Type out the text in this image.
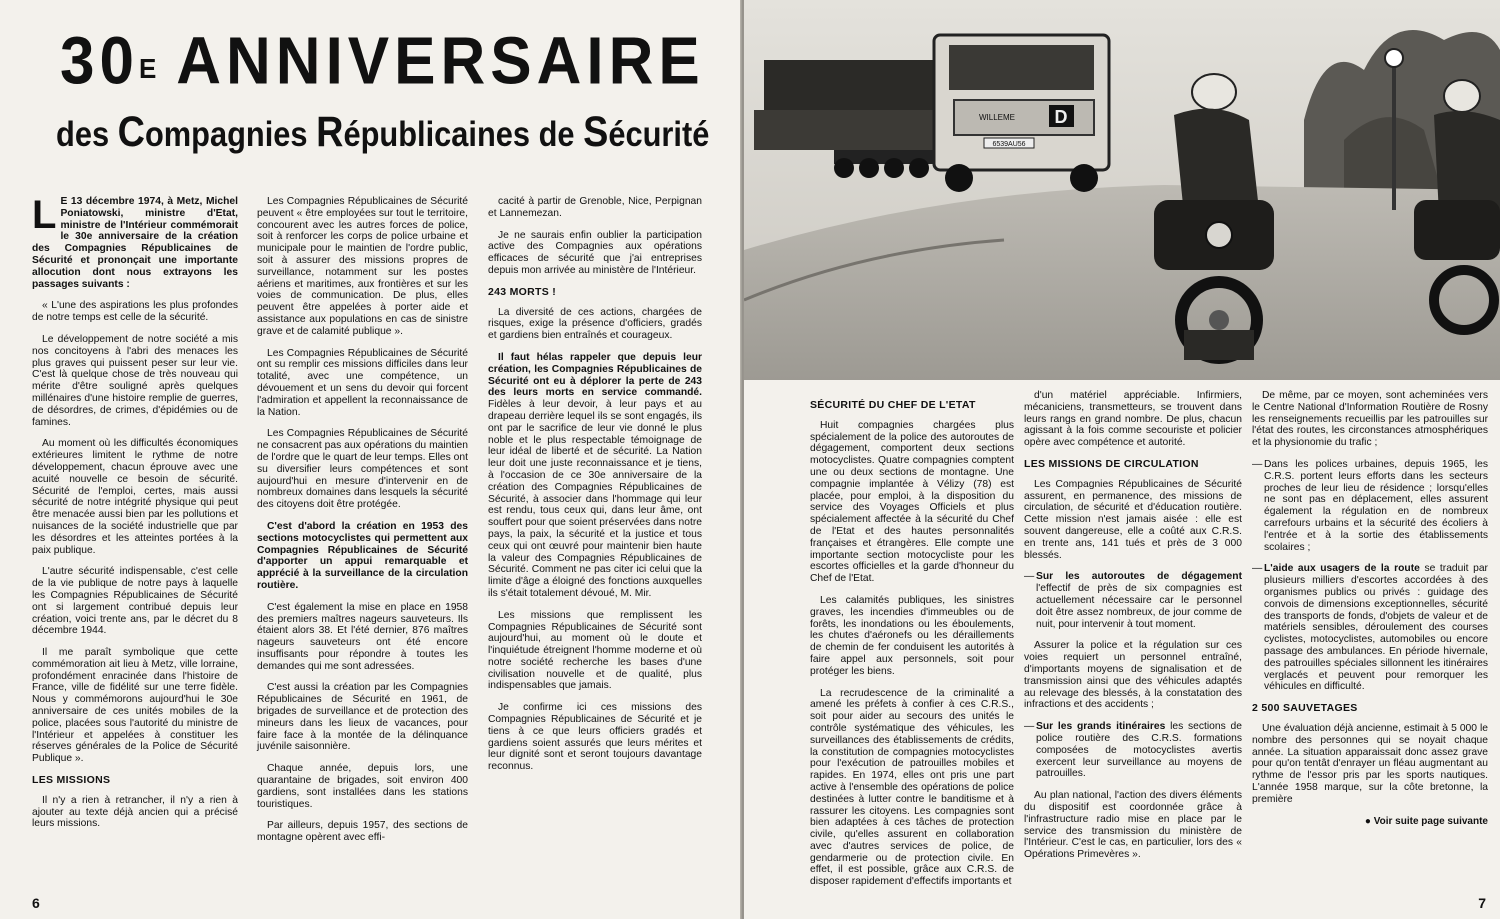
$30^E$ ANNIVERSAIRE
des Compagnies Républicaines de Sécurité

L E 13 décembre 1974, à Metz, Michel Poniatowski, ministre d'Etat, ministre de l'Intérieur commémorait le 30e anniversaire de la création des Compagnies Républicaines de Sécurité et prononçait une importante allocution dont nous extrayons les passages suivants :

« L'une des aspirations les plus profondes de notre temps est celle de la sécurité.

Le développement de notre société a mis nos concitoyens à l'abri des menaces les plus graves qui puissent peser sur leur vie. C'est là quelque chose de très nouveau qui mérite d'être souligné après quelques millénaires d'une histoire remplie de guerres, de désordres, de crimes, d'épidémies ou de famines.

Au moment où les difficultés économiques extérieures limitent le rythme de notre développement, chacun éprouve avec une acuité nouvelle ce besoin de sécurité. Sécurité de l'emploi, certes, mais aussi sécurité de notre intégrité physique qui peut être menacée aussi bien par les pollutions et nuisances de la société industrielle que par les désordres et les atteintes portées à la paix publique.

L'autre sécurité indispensable, c'est celle de la vie publique de notre pays à laquelle les Compagnies Républicaines de Sécurité ont si largement contribué depuis leur création, voici trente ans, par le décret du 8 décembre 1944.

Il me paraît symbolique que cette commémoration ait lieu à Metz, ville lorraine, profondément enracinée dans l'histoire de France, ville de fidélité sur une terre fidèle. Nous y commémorons aujourd'hui le 30e anniversaire de ces unités mobiles de la police, placées sous l'autorité du ministre de l'Intérieur et appelées à constituer les réserves générales de la Police de Sécurité Publique ».

LES MISSIONS

Il n'y a rien à retrancher, il n'y a rien à ajouter au texte déjà ancien qui a précisé leurs missions.

Les Compagnies Républicaines de Sécurité peuvent « être employées sur tout le territoire, concourent avec les autres forces de police, soit à renforcer les corps de police urbaine et municipale pour le maintien de l'ordre public, soit à assurer des missions propres de surveillance, notamment sur les postes aériens et maritimes, aux frontières et sur les voies de communication. De plus, elles peuvent être appelées à porter aide et assistance aux populations en cas de sinistre grave et de calamité publique ».

Les Compagnies Républicaines de Sécurité ont su remplir ces missions difficiles dans leur totalité, avec une compétence, un dévouement et un sens du devoir qui forcent l'admiration et appellent la reconnaissance de la Nation.

Les Compagnies Républicaines de Sécurité ne consacrent pas aux opérations du maintien de l'ordre que le quart de leur temps. Elles ont su diversifier leurs compétences et sont aujourd'hui en mesure d'intervenir en de nombreux domaines dans lesquels la sécurité des citoyens doit être protégée.

C'est d'abord la création en 1953 des sections motocyclistes qui permettent aux Compagnies Républicaines de Sécurité d'apporter un appui remarquable et apprécié à la surveillance de la circulation routière.

C'est également la mise en place en 1958 des premiers maîtres nageurs sauveteurs. Ils étaient alors 38. Et l'été dernier, 876 maîtres nageurs sauveteurs ont été encore insuffisants pour répondre à toutes les demandes qui me sont adressées.

C'est aussi la création par les Compagnies Républicaines de Sécurité en 1961, de brigades de surveillance et de protection des mineurs dans les lieux de vacances, pour faire face à la montée de la délinquance juvénile saisonnière.

Chaque année, depuis lors, une quarantaine de brigades, soit environ 400 gardiens, sont installées dans les stations touristiques.

Par ailleurs, depuis 1957, des sections de montagne opèrent avec effi-

cacité à partir de Grenoble, Nice, Perpignan et Lannemezan.

Je ne saurais enfin oublier la participation active des Compagnies aux opérations efficaces de sécurité que j'ai entreprises depuis mon arrivée au ministère de l'Intérieur.

243 MORTS !

La diversité de ces actions, chargées de risques, exige la présence d'officiers, gradés et gardiens bien entraînés et courageux.

Il faut hélas rappeler que depuis leur création, les Compagnies Républicaines de Sécurité ont eu à déplorer la perte de 243 des leurs morts en service commandé. Fidèles à leur devoir, à leur pays et au drapeau derrière lequel ils se sont engagés, ils ont par le sacrifice de leur vie donné le plus noble et le plus respectable témoignage de leur idéal de liberté et de sécurité. La Nation leur doit une juste reconnaissance et je tiens, à l'occasion de ce 30e anniversaire de la création des Compagnies Républicaines de Sécurité, à associer dans l'hommage qui leur est rendu, tous ceux qui, dans leur âme, ont souffert pour que soient préservées dans notre pays, la paix, la sécurité et la justice et tous ceux qui ont œuvré pour maintenir bien haute la valeur des Compagnies Républicaines de Sécurité. Comment ne pas citer ici celui que la limite d'âge a éloigné des fonctions auxquelles ils s'était totalement dévoué, M. Mir.

Les missions que remplissent les Compagnies Républicaines de Sécurité sont aujourd'hui, au moment où le doute et l'inquiétude étreignent l'homme moderne et où notre société recherche les bases d'une civilisation nouvelle et de qualité, plus indispensables que jamais.

Je confirme ici ces missions des Compagnies Républicaines de Sécurité et je tiens à ce que leurs officiers gradés et gardiens soient assurés que leurs mérites et leur dignité sont et seront toujours davantage reconnus.

6
6539AU56
WILLEME D
SÉCURITÉ DU CHEF DE L'ETAT

Huit compagnies chargées plus spécialement de la police des autoroutes de dégagement, comportent deux sections motocyclistes. Quatre compagnies comptent une ou deux sections de montagne. Une compagnie implantée à Vélizy (78) est placée, pour emploi, à la disposition du service des Voyages Officiels et plus spécialement affectée à la sécurité du Chef de l'Etat et des hautes personnalités françaises et étrangères. Elle compte une importante section motocycliste pour les escortes officielles et la garde d'honneur du Chef de l'Etat.

Les calamités publiques, les sinistres graves, les incendies d'immeubles ou de forêts, les inondations ou les éboulements, les chutes d'aéronefs ou les déraillements de chemin de fer conduisent les autorités à faire appel aux personnels, soit pour protéger les biens.

La recrudescence de la criminalité a amené les préfets à confier à ces C.R.S., soit pour aider au secours des unités le contrôle systématique des véhicules, les surveillances des établissements de crédits, la constitution de compagnies motocyclistes pour l'exécution de patrouilles mobiles et rapides. En 1974, elles ont pris une part active à l'ensemble des opérations de police destinées à lutter contre le banditisme et à rassurer les citoyens. Les compagnies sont bien adaptées à ces tâches de protection civile, qu'elles assurent en collaboration avec d'autres services de police, de gendarmerie ou de protection civile. En effet, il est possible, grâce aux C.R.S. de disposer rapidement d'effectifs importants et

d'un matériel appréciable. Infirmiers, mécaniciens, transmetteurs, se trouvent dans leurs rangs en grand nombre. De plus, chacun agissant à la fois comme secouriste et policier opère avec compétence et autorité.

LES MISSIONS DE CIRCULATION

Les Compagnies Républicaines de Sécurité assurent, en permanence, des missions de circulation, de sécurité et d'éducation routière. Cette mission n'est jamais aisée : elle est souvent dangereuse, elle a coûté aux C.R.S. en trente ans, 141 tués et près de 3 000 blessés.

— Sur les autoroutes de dégagement l'effectif de près de six compagnies est actuellement nécessaire car le personnel doit être assez nombreux, de jour comme de nuit, pour intervenir à tout moment.

Assurer la police et la régulation sur ces voies requiert un personnel entraîné, d'importants moyens de signalisation et de transmission ainsi que des véhicules adaptés au relevage des blessés, à la constatation des infractions et des accidents ;

— Sur les grands itinéraires les sections de police routière des C.R.S. formations composées de motocyclistes avertis exercent leur surveillance au moyens de patrouilles.

Au plan national, l'action des divers éléments du dispositif est coordonnée grâce à l'infrastructure radio mise en place par le service des transmission du ministère de l'Intérieur. C'est le cas, en particulier, lors des « Opérations Primevères ».

De même, par ce moyen, sont acheminées vers le Centre National d'Information Routière de Rosny les renseignements recueillis par les patrouilles sur l'état des routes, les circonstances atmosphériques et la physionomie du trafic ;

— Dans les polices urbaines, depuis 1965, les C.R.S. portent leurs efforts dans les secteurs proches de leur lieu de résidence ; lorsqu'elles ne sont pas en déplacement, elles assurent également la régulation en de nombreux carrefours urbains et la sécurité des écoliers à l'entrée et à la sortie des établissements scolaires ;

— L'aide aux usagers de la route se traduit par plusieurs milliers d'escortes accordées à des organismes publics ou privés : guidage des convois de dimensions exceptionnelles, sécurité des transports de fonds, d'objets de valeur et de matériels sensibles, déroulement des courses cyclistes, motocyclistes, automobiles ou encore passage des ambulances. En période hivernale, des patrouilles spéciales sillonnent les itinéraires verglacés et peuvent pour remorquer les véhicules en difficulté.

2 500 SAUVETAGES

Une évaluation déjà ancienne, estimait à 5 000 le nombre des personnes qui se noyait chaque année. La situation apparaissait donc assez grave pour qu'on tentât d'enrayer un fléau augmentant au rythme de l'essor pris par les sports nautiques. L'année 1958 marque, sur la côte bretonne, la première

● Voir suite page suivante
7
